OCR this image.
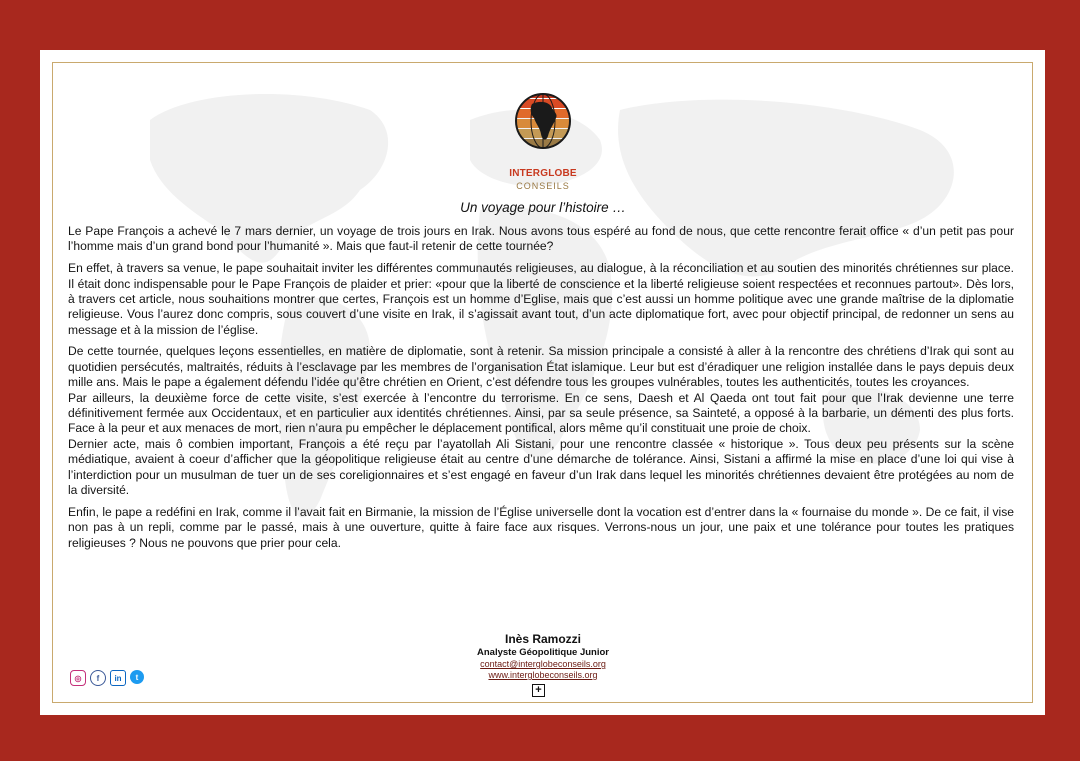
INTERGLOBE
CONSEILS
Un voyage pour l’histoire …

Le Pape François a achevé le 7 mars dernier, un voyage de trois jours en Irak. Nous avons tous espéré au fond de nous, que cette rencontre ferait office « d’un petit pas pour l’homme mais d’un grand bond pour l’humanité ». Mais que faut-il retenir de cette tournée?

En effet, à travers sa venue, le pape souhaitait inviter les différentes communautés religieuses, au dialogue, à la réconciliation et au soutien des minorités chrétiennes sur place. Il était donc indispensable pour le Pape François de plaider et prier: «pour que la liberté de conscience et la liberté religieuse soient respectées et reconnues partout». Dès lors, à travers cet article, nous souhaitions montrer que certes, François est un homme d’Eglise, mais que c’est aussi un homme politique avec une grande maîtrise de la diplomatie religieuse. Vous l’aurez donc compris, sous couvert d’une visite en Irak, il s’agissait avant tout, d’un acte diplomatique fort, avec pour objectif principal, de redonner un sens au message et à la mission de l’église.

De cette tournée, quelques leçons essentielles, en matière de diplomatie, sont à retenir. Sa mission principale a consisté à aller à la rencontre des chrétiens d’Irak qui sont au quotidien persécutés, maltraités, réduits à l’esclavage par les membres de l’organisation État islamique. Leur but est d’éradiquer une religion installée dans le pays depuis deux mille ans. Mais le pape a également défendu l’idée qu’être chrétien en Orient, c’est défendre tous les groupes vulnérables, toutes les authenticités, toutes les croyances.

Par ailleurs, la deuxième force de cette visite, s’est exercée à l’encontre du terrorisme. En ce sens, Daesh et Al Qaeda ont tout fait pour que l’Irak devienne une terre définitivement fermée aux Occidentaux, et en particulier aux identités chrétiennes. Ainsi, par sa seule présence, sa Sainteté, a opposé à la barbarie, un démenti des plus forts. Face à la peur et aux menaces de mort, rien n’aura pu empêcher le déplacement pontifical, alors même qu’il constituait une proie de choix.

Dernier acte, mais ô combien important, François a été reçu par l’ayatollah Ali Sistani, pour une rencontre classée « historique ». Tous deux peu présents sur la scène médiatique, avaient à coeur d’afficher que la géopolitique religieuse était au centre d’une démarche de tolérance. Ainsi, Sistani a affirmé la mise en place d’une loi qui vise à l’interdiction pour un musulman de tuer un de ses coreligionnaires et s’est engagé en faveur d’un Irak dans lequel les minorités chrétiennes devaient être protégées au nom de la diversité.

Enfin, le pape a redéfini en Irak, comme il l’avait fait en Birmanie, la mission de l’Église universelle dont la vocation est d’entrer dans la « fournaise du monde ». De ce fait, il vise non pas à un repli, comme par le passé, mais à une ouverture, quitte à faire face aux risques. Verrons-nous un jour, une paix et une tolérance pour toutes les pratiques religieuses ? Nous ne pouvons que prier pour cela.

Inès Ramozzi
Analyste Géopolitique Junior
contact@interglobeconseils.org
www.interglobeconseils.org
+
◎	f	in	t
